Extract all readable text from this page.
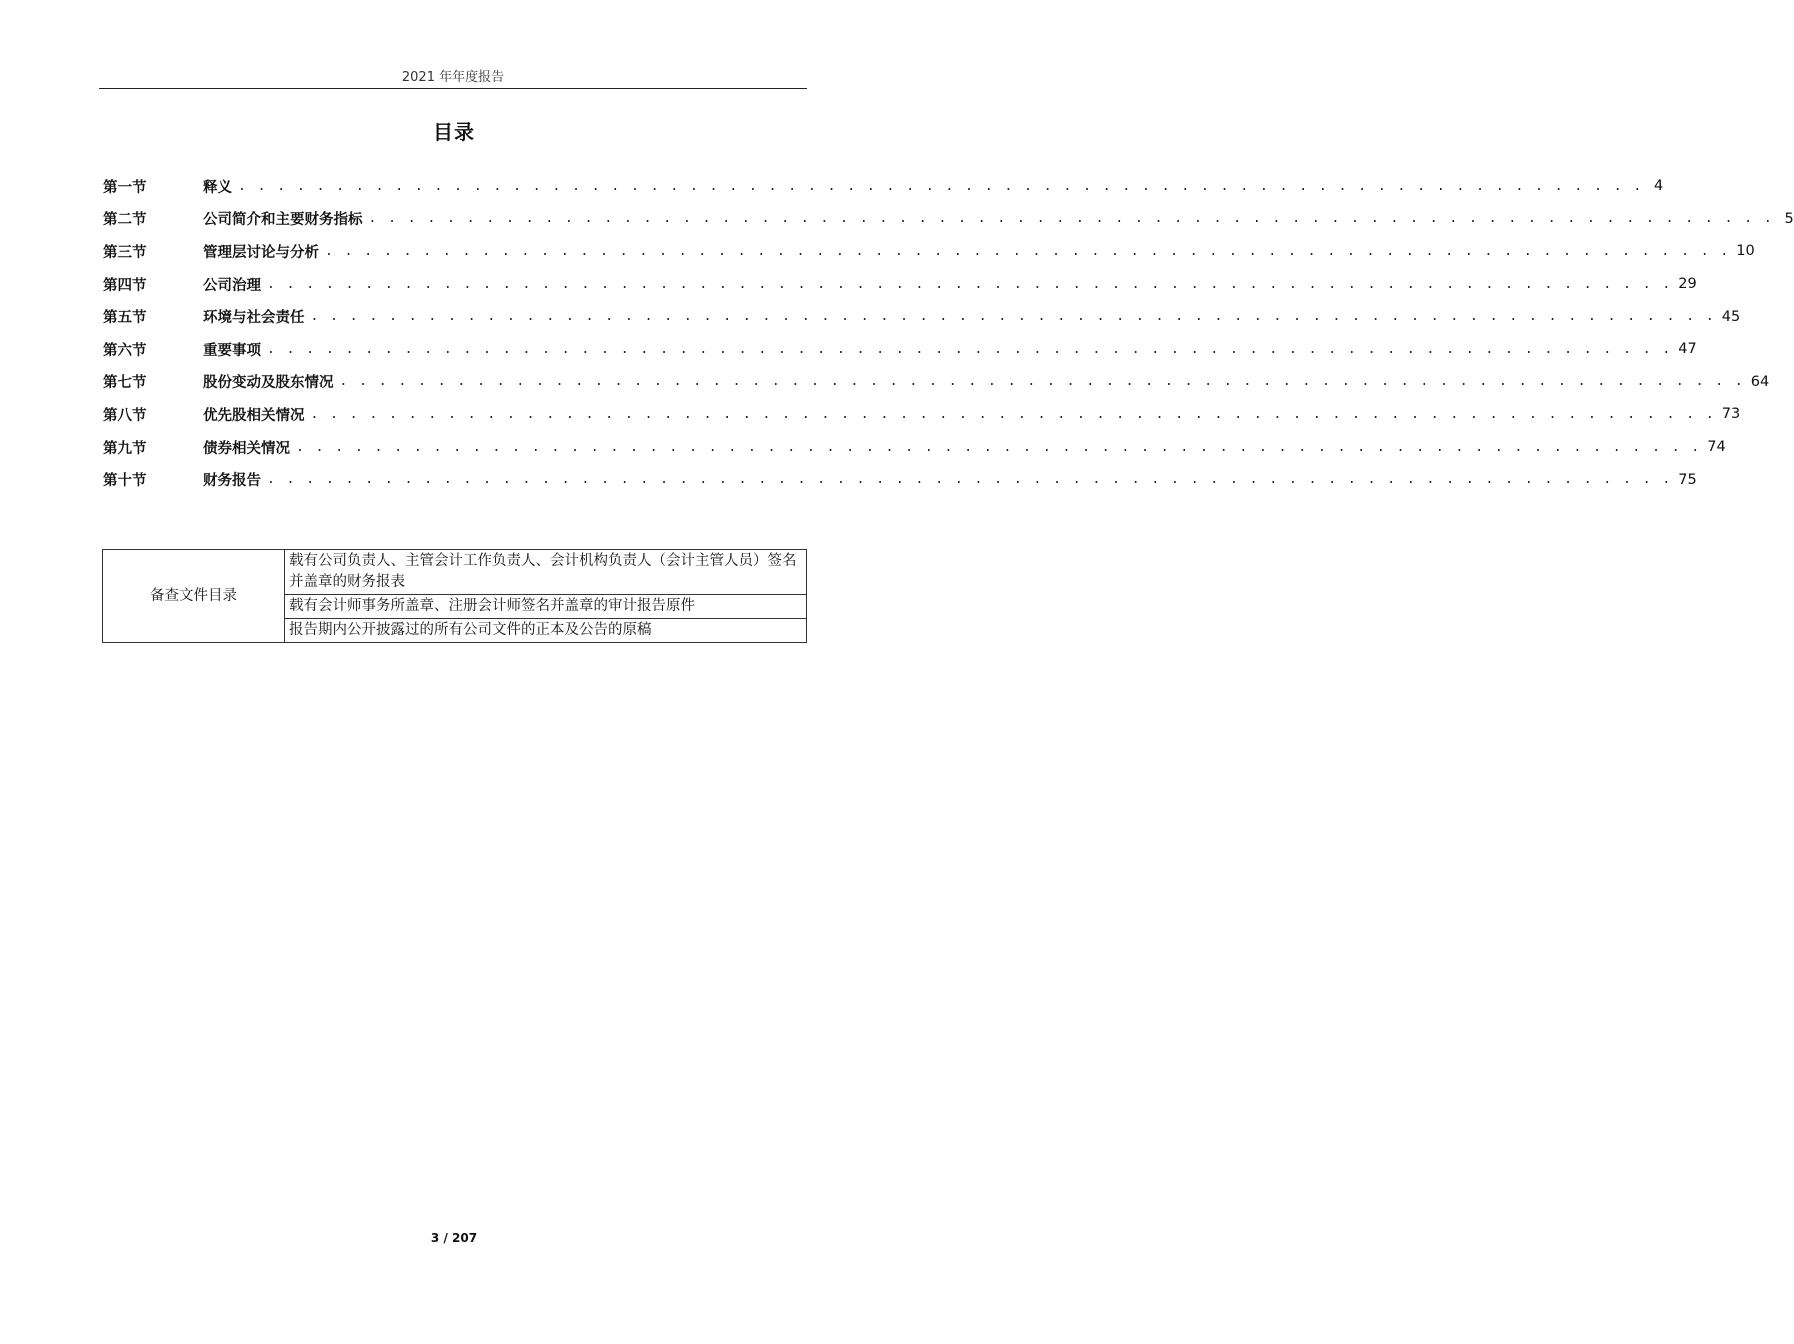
2021 年年度报告
目录
第一节	释义 . . . . . . . . . . . . . . . . . . . . . . . . . . . . . . . . . . . . . . . . . . . . . . . . . . . . . . . . . . . . . . . . . . . . . . . . 4
第二节	公司简介和主要财务指标 . . . . . . . . . . . . . . . . . . . . . . . . . . . . . . . . . . . . . . . . . . . . . . . . . . . . . . . . . . . . . . . . . . . . . . . . 5
第三节	管理层讨论与分析 . . . . . . . . . . . . . . . . . . . . . . . . . . . . . . . . . . . . . . . . . . . . . . . . . . . . . . . . . . . . . . . . . . . . . . . . 10
第四节	公司治理 . . . . . . . . . . . . . . . . . . . . . . . . . . . . . . . . . . . . . . . . . . . . . . . . . . . . . . . . . . . . . . . . . . . . . . . . 29
第五节	环境与社会责任 . . . . . . . . . . . . . . . . . . . . . . . . . . . . . . . . . . . . . . . . . . . . . . . . . . . . . . . . . . . . . . . . . . . . . . . . 45
第六节	重要事项 . . . . . . . . . . . . . . . . . . . . . . . . . . . . . . . . . . . . . . . . . . . . . . . . . . . . . . . . . . . . . . . . . . . . . . . . 47
第七节	股份变动及股东情况 . . . . . . . . . . . . . . . . . . . . . . . . . . . . . . . . . . . . . . . . . . . . . . . . . . . . . . . . . . . . . . . . . . . . . . . . 64
第八节	优先股相关情况 . . . . . . . . . . . . . . . . . . . . . . . . . . . . . . . . . . . . . . . . . . . . . . . . . . . . . . . . . . . . . . . . . . . . . . . . 73
第九节	债券相关情况 . . . . . . . . . . . . . . . . . . . . . . . . . . . . . . . . . . . . . . . . . . . . . . . . . . . . . . . . . . . . . . . . . . . . . . . . 74
第十节	财务报告 . . . . . . . . . . . . . . . . . . . . . . . . . . . . . . . . . . . . . . . . . . . . . . . . . . . . . . . . . . . . . . . . . . . . . . . . 75
备查文件目录	载有公司负责人、主管会计工作负责人、会计机构负责人（会计主管人员）签名并盖章的财务报表
载有会计师事务所盖章、注册会计师签名并盖章的审计报告原件
报告期内公开披露过的所有公司文件的正本及公告的原稿
3 / 207
